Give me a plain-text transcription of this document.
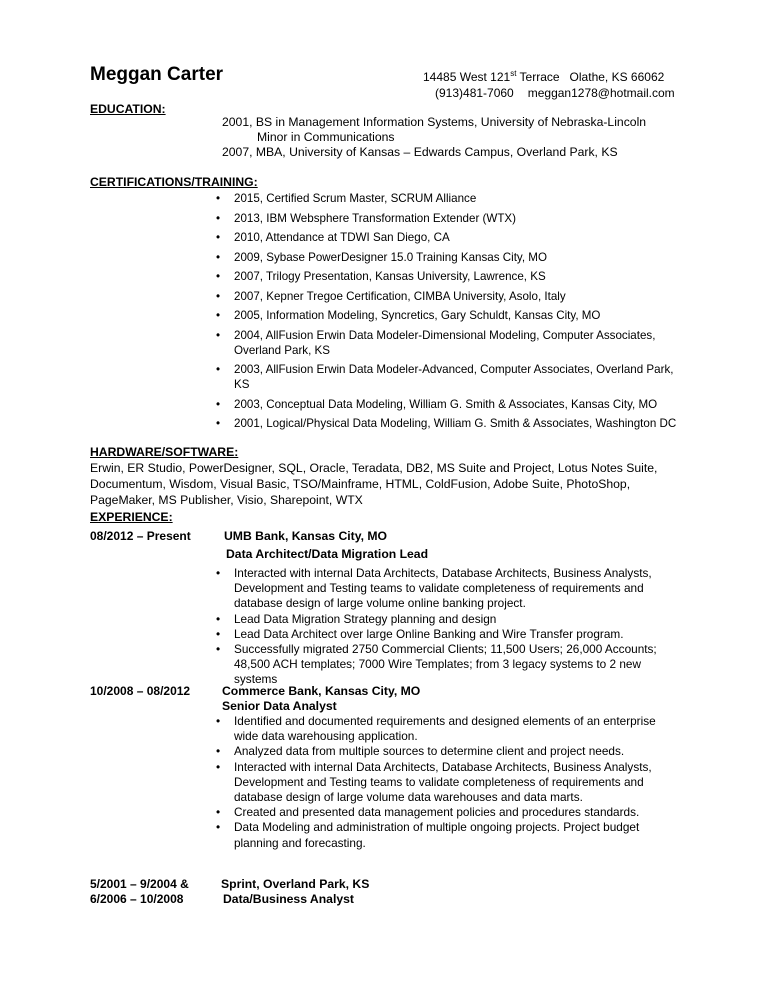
Meggan Carter	14485 West 121st Terrace   Olathe, KS 66062
(913)481-7060 meggan1278@hotmail.com
EDUCATION:
2001, BS in Management Information Systems, University of Nebraska-Lincoln
Minor in Communications
2007, MBA, University of Kansas – Edwards Campus, Overland Park, KS
CERTIFICATIONS/TRAINING:
• 2015, Certified Scrum Master, SCRUM Alliance
• 2013, IBM Websphere Transformation Extender (WTX)
• 2010, Attendance at TDWI San Diego, CA
• 2009, Sybase PowerDesigner 15.0 Training Kansas City, MO
• 2007, Trilogy Presentation, Kansas University, Lawrence, KS
• 2007, Kepner Tregoe Certification, CIMBA University, Asolo, Italy
• 2005, Information Modeling, Syncretics, Gary Schuldt, Kansas City, MO
• 2004, AllFusion Erwin Data Modeler-Dimensional Modeling, Computer Associates, Overland Park, KS
• 2003, AllFusion Erwin Data Modeler-Advanced, Computer Associates, Overland Park, KS
• 2003, Conceptual Data Modeling, William G. Smith & Associates, Kansas City, MO
• 2001, Logical/Physical Data Modeling, William G. Smith & Associates, Washington DC
HARDWARE/SOFTWARE:
Erwin, ER Studio, PowerDesigner, SQL, Oracle, Teradata, DB2, MS Suite and Project, Lotus Notes Suite,
Documentum, Wisdom, Visual Basic, TSO/Mainframe, HTML, ColdFusion, Adobe Suite, PhotoShop,
PageMaker, MS Publisher, Visio, Sharepoint, WTX
EXPERIENCE:
08/2012 – Present	UMB Bank, Kansas City, MO
Data Architect/Data Migration Lead
• Interacted with internal Data Architects, Database Architects, Business Analysts, Development and Testing teams to validate completeness of requirements and database design of large volume online banking project.
• Lead Data Migration Strategy planning and design
• Lead Data Architect over large Online Banking and Wire Transfer program.
• Successfully migrated 2750 Commercial Clients; 11,500 Users; 26,000 Accounts; 48,500 ACH templates; 7000 Wire Templates; from 3 legacy systems to 2 new systems
10/2008 – 08/2012	Commerce Bank, Kansas City, MO
Senior Data Analyst
• Identified and documented requirements and designed elements of an enterprise wide data warehousing application.
• Analyzed data from multiple sources to determine client and project needs.
• Interacted with internal Data Architects, Database Architects, Business Analysts, Development and Testing teams to validate completeness of requirements and database design of large volume data warehouses and data marts.
• Created and presented data management policies and procedures standards.
• Data Modeling and administration of multiple ongoing projects. Project budget planning and forecasting.
5/2001 – 9/2004 &
6/2006 – 10/2008
Sprint, Overland Park, KS
Data/Business Analyst
